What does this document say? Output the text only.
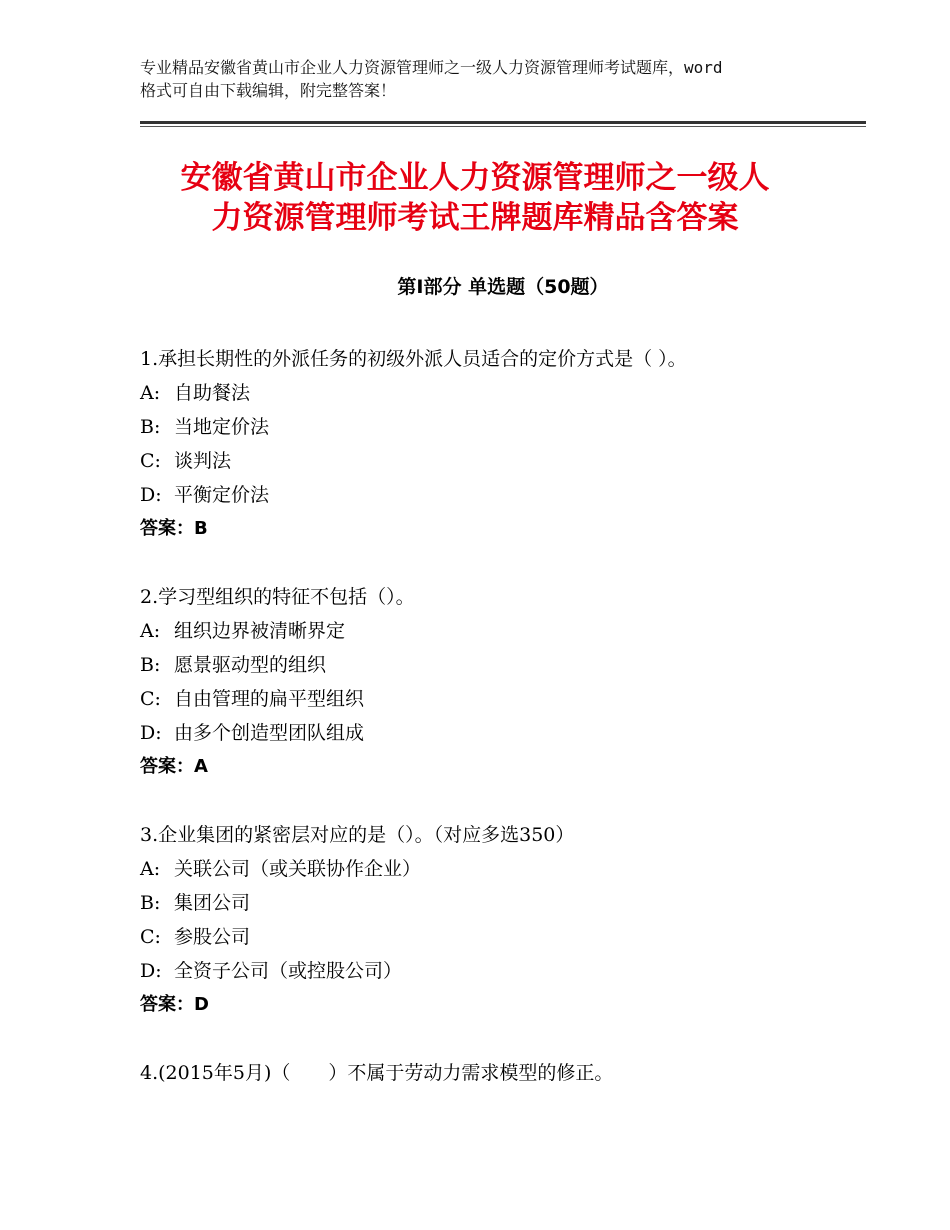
专业精品安徽省黄山市企业人力资源管理师之一级人力资源管理师考试题库，word
格式可自由下载编辑，附完整答案！
安徽省黄山市企业人力资源管理师之一级人
力资源管理师考试王牌题库精品含答案
第Ⅰ部分 单选题（50题）
1.承担长期性的外派任务的初级外派人员适合的定价方式是（ ）。
A: 自助餐法
B: 当地定价法
C: 谈判法
D: 平衡定价法
答案：B
2.学习型组织的特征不包括（）。
A: 组织边界被清晰界定
B: 愿景驱动型的组织
C: 自由管理的扁平型组织
D: 由多个创造型团队组成
答案：A
3.企业集团的紧密层对应的是（）。（对应多选350）
A: 关联公司（或关联协作企业）
B: 集团公司
C: 参股公司
D: 全资子公司（或控股公司）
答案：D
4.(2015年5月)（　　）不属于劳动力需求模型的修正。
